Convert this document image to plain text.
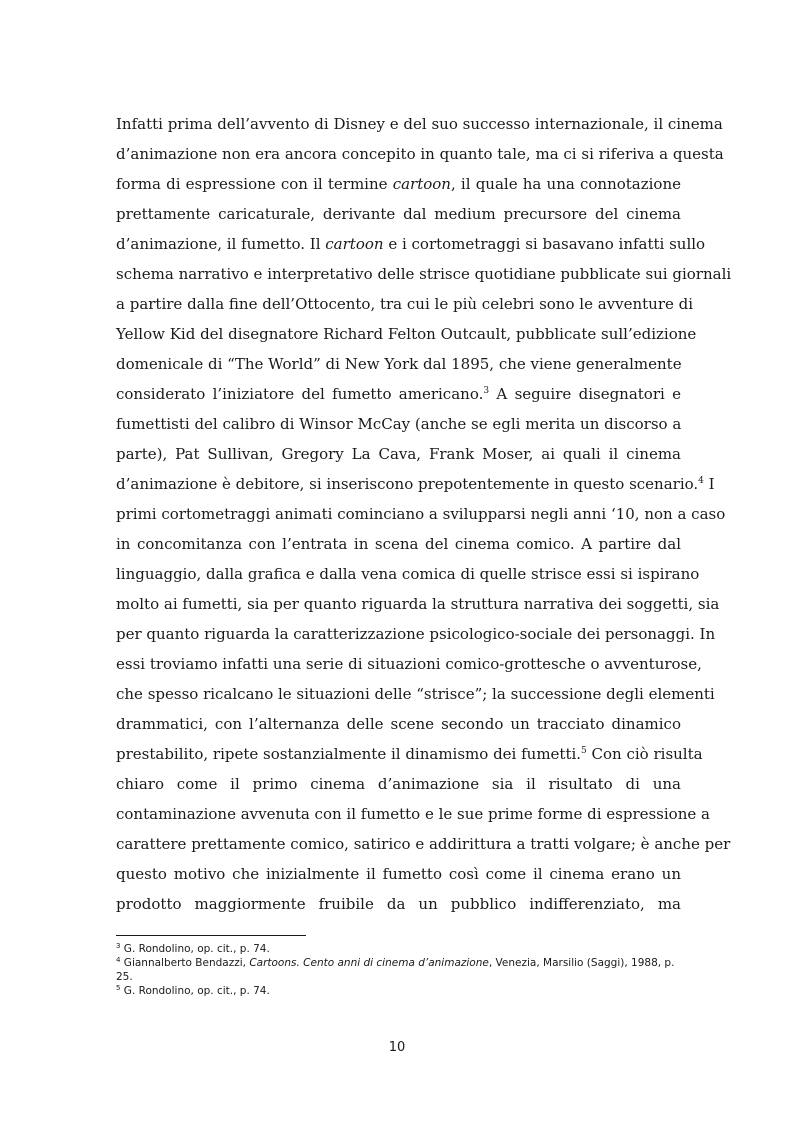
Infatti prima dell’avvento di Disney e del suo successo internazionale, il cinema
d’animazione non era ancora concepito in quanto tale, ma ci si riferiva a questa
forma di espressione con il termine cartoon, il quale ha una connotazione
prettamente caricaturale, derivante dal medium precursore del cinema
d’animazione, il fumetto. Il cartoon e i cortometraggi si basavano infatti sullo
schema narrativo e interpretativo delle strisce quotidiane pubblicate sui giornali
a partire dalla fine dell’Ottocento, tra cui le più celebri sono le avventure di
Yellow Kid del disegnatore Richard Felton Outcault, pubblicate sull’edizione
domenicale di “The World” di New York dal 1895, che viene generalmente
considerato l’iniziatore del fumetto americano.$^3$ A seguire disegnatori e
fumettisti del calibro di Winsor McCay (anche se egli merita un discorso a
parte), Pat Sullivan, Gregory La Cava, Frank Moser, ai quali il cinema
d’animazione è debitore, si inseriscono prepotentemente in questo scenario.$^4$ I
primi cortometraggi animati cominciano a svilupparsi negli anni ‘10, non a caso
in concomitanza con l’entrata in scena del cinema comico. A partire dal
linguaggio, dalla grafica e dalla vena comica di quelle strisce essi si ispirano
molto ai fumetti, sia per quanto riguarda la struttura narrativa dei soggetti, sia
per quanto riguarda la caratterizzazione psicologico-sociale dei personaggi. In
essi troviamo infatti una serie di situazioni comico-grottesche o avventurose,
che spesso ricalcano le situazioni delle “strisce”; la successione degli elementi
drammatici, con l’alternanza delle scene secondo un tracciato dinamico
prestabilito, ripete sostanzialmente il dinamismo dei fumetti.$^5$ Con ciò risulta
chiaro come il primo cinema d’animazione sia il risultato di una
contaminazione avvenuta con il fumetto e le sue prime forme di espressione a
carattere prettamente comico, satirico e addirittura a tratti volgare; è anche per
questo motivo che inizialmente il fumetto così come il cinema erano un
prodotto maggiormente fruibile da un pubblico indifferenziato, ma

$^3$ G. Rondolino, op. cit., p. 74.

$^4$ Giannalberto Bendazzi, Cartoons. Cento anni di cinema d’animazione, Venezia, Marsilio (Saggi), 1988, p. 25.

$^5$ G. Rondolino, op. cit., p. 74.

10
